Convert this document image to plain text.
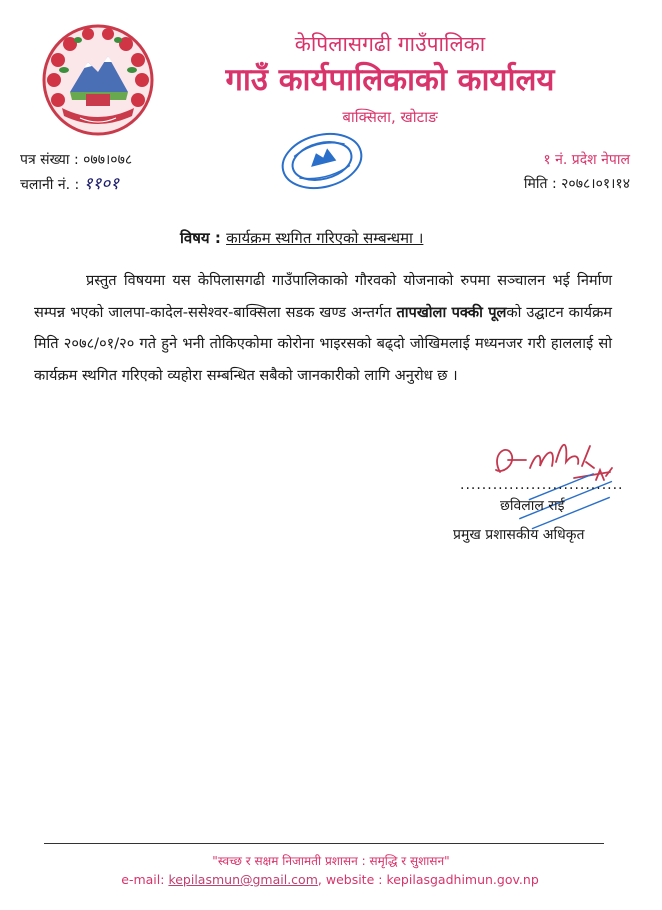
केपिलासगढी गाउँपालिका
गाउँ कार्यपालिकाको कार्यालय
बाक्सिला, खोटाङ
पत्र संख्या : ०७७।०७८
चलानी नं. : ११०१
१ नं. प्रदेश नेपाल
मिति : २०७८।०१।१४
विषय : कार्यक्रम स्थगित गरिएको सम्बन्धमा ।

प्रस्तुत विषयमा यस केपिलासगढी गाउँपालिकाको गौरवको योजनाको रुपमा सञ्चालन भई निर्माण सम्पन्न भएको जालपा-कादेल-ससेश्वर-बाक्सिला सडक खण्ड अन्तर्गत तापखोला पक्की पूलको उद्घाटन कार्यक्रम मिति २०७८/०१/२० गते हुने भनी तोकिएकोमा कोरोना भाइरसको बढ्दो जोखिमलाई मध्यनजर गरी हाललाई सो कार्यक्रम स्थगित गरिएको व्यहोरा सम्बन्धित सबैको जानकारीको लागि अनुरोध छ ।

..............................
छविलाल राई
प्रमुख प्रशासकीय अधिकृत
"स्वच्छ र सक्षम निजामती प्रशासन : समृद्धि र सुशासन"
e-mail: kepilasmun@gmail.com, website : kepilasgadhimun.gov.np
